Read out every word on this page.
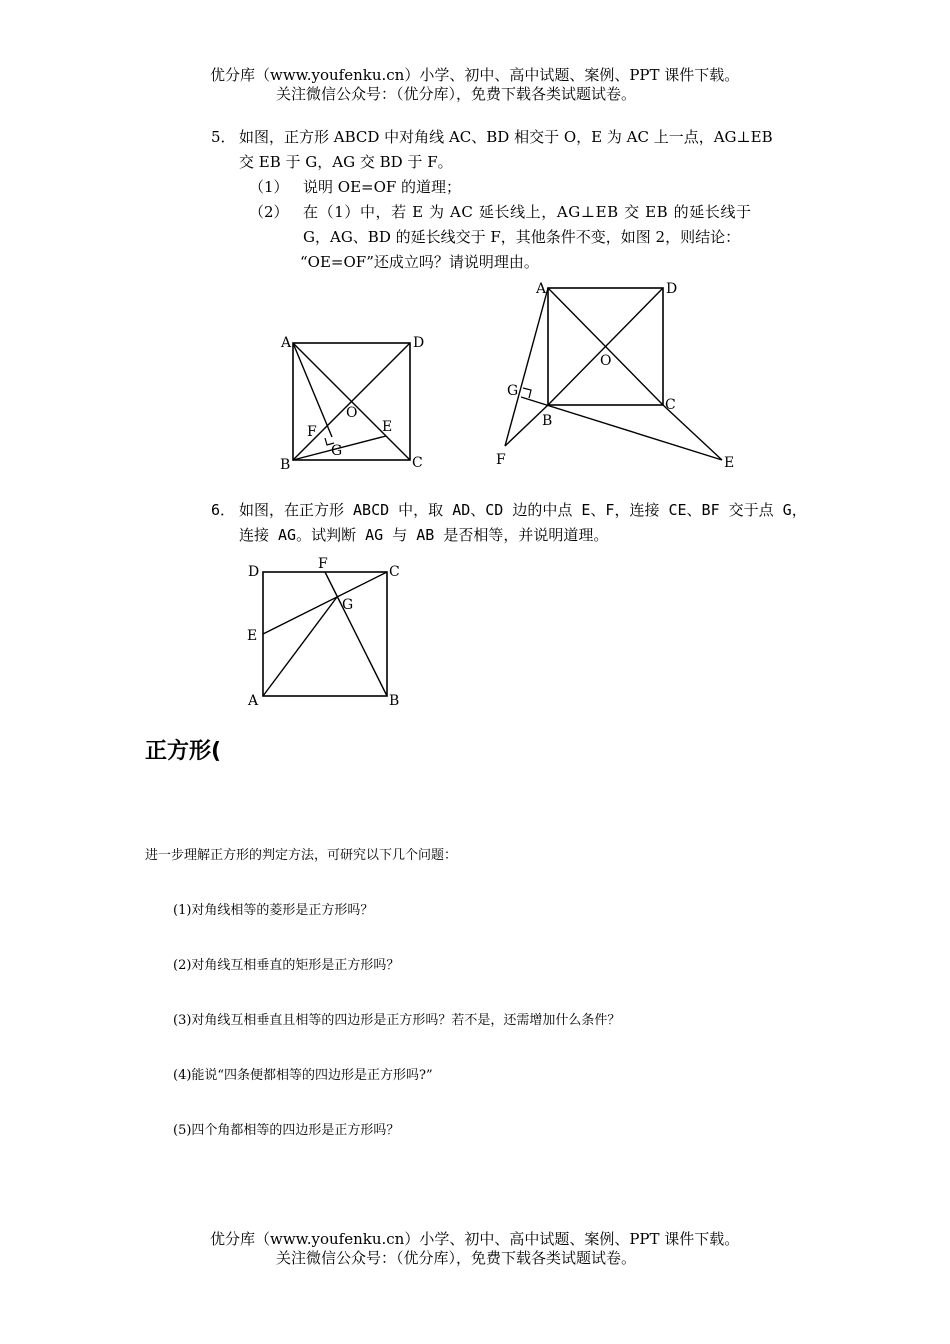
优分库（www.youfenku.cn）小学、初中、高中试题、案例、PPT 课件下载。
关注微信公众号：（优分库），免费下载各类试题试卷。
5． 如图，正方形 ABCD 中对角线 AC、BD 相交于 O，E 为 AC 上一点，AG⊥EB
交 EB 于 G，AG 交 BD 于 F。
（1） 说明 OE=OF 的道理；
（2） 在（1）中，若 E 为 AC 延长线上，AG⊥EB 交 EB 的延长线于
G，AG、BD 的延长线交于 F，其他条件不变，如图 2，则结论：
“OE=OF”还成立吗？请说明理由。
A	D
B	C
O
E
F
G
A	D
B
C
O
E
F
G
6． 如图，在正方形 ABCD 中，取 AD、CD 边的中点 E、F，连接 CE、BF 交于点 G，
连接 AG。试判断 AG 与 AB 是否相等，并说明道理。
D	F	C
G
E
A	B
正方形(
进一步理解正方形的判定方法，可研究以下几个问题：
(1)对角线相等的菱形是正方形吗？
(2)对角线互相垂直的矩形是正方形吗？
(3)对角线互相垂直且相等的四边形是正方形吗？若不是，还需增加什么条件？
(4)能说“四条便都相等的四边形是正方形吗?”
(5)四个角都相等的四边形是正方形吗？
优分库（www.youfenku.cn）小学、初中、高中试题、案例、PPT 课件下载。
关注微信公众号：（优分库），免费下载各类试题试卷。
